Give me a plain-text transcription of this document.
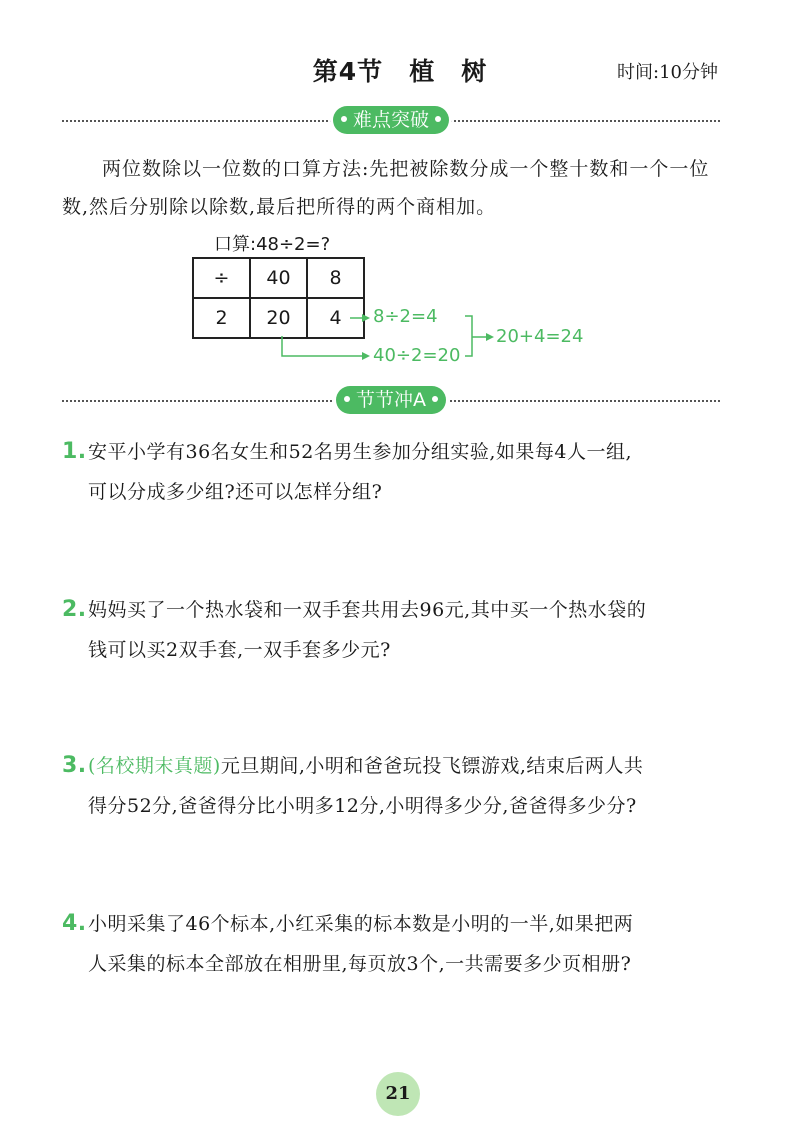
第4节 植　树	时间:10分钟
难点突破
两位数除以一位数的口算方法:先把被除数分成一个整十数和一个一位数,然后分别除以除数,最后把所得的两个商相加。
口算:48÷2=?
÷	40	8
2	20	4 8÷2=4
40÷2=20
20+4=24
节节冲A
1.安平小学有36名女生和52名男生参加分组实验,如果每4人一组,
可以分成多少组?还可以怎样分组?
2.妈妈买了一个热水袋和一双手套共用去96元,其中买一个热水袋的
钱可以买2双手套,一双手套多少元?
3.(名校期末真题)元旦期间,小明和爸爸玩投飞镖游戏,结束后两人共
得分52分,爸爸得分比小明多12分,小明得多少分,爸爸得多少分?
4.小明采集了46个标本,小红采集的标本数是小明的一半,如果把两
人采集的标本全部放在相册里,每页放3个,一共需要多少页相册?
21
